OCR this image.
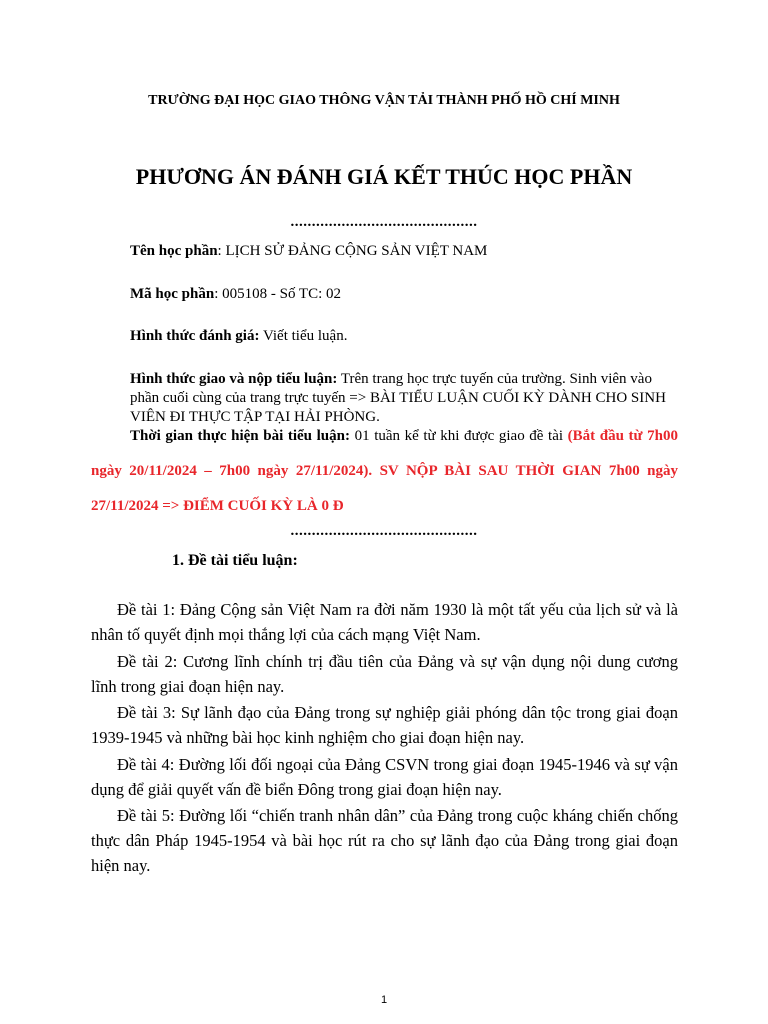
TRƯỜNG ĐẠI HỌC GIAO THÔNG VẬN TẢI THÀNH PHỐ HỒ CHÍ MINH
PHƯƠNG ÁN ĐÁNH GIÁ KẾT THÚC HỌC PHẦN
............................................
Tên học phần: LỊCH SỬ ĐẢNG CỘNG SẢN VIỆT NAM
Mã học phần: 005108 - Số TC: 02
Hình thức đánh giá: Viết tiểu luận.
Hình thức giao và nộp tiểu luận: Trên trang học trực tuyến của trường. Sinh viên vào phần cuối cùng của trang trực tuyến => BÀI TIỂU LUẬN CUỐI KỲ DÀNH CHO SINH VIÊN ĐI THỰC TẬP TẠI HẢI PHÒNG.
Thời gian thực hiện bài tiểu luận: 01 tuần kể từ khi được giao đề tài (Bắt đầu từ 7h00 ngày 20/11/2024 – 7h00 ngày 27/11/2024). SV NỘP BÀI SAU THỜI GIAN 7h00 ngày 27/11/2024 => ĐIỂM CUỐI KỲ LÀ 0 Đ
............................................
1. Đề tài tiểu luận:
Đề tài 1: Đảng Cộng sản Việt Nam ra đời năm 1930 là một tất yếu của lịch sử và là nhân tố quyết định mọi thắng lợi của cách mạng Việt Nam.
Đề tài 2: Cương lĩnh chính trị đầu tiên của Đảng và sự vận dụng nội dung cương lĩnh trong giai đoạn hiện nay.
Đề tài 3: Sự lãnh đạo của Đảng trong sự nghiệp giải phóng dân tộc trong giai đoạn 1939-1945 và những bài học kinh nghiệm cho giai đoạn hiện nay.
Đề tài 4: Đường lối đối ngoại của Đảng CSVN trong giai đoạn 1945-1946 và sự vận dụng để giải quyết vấn đề biển Đông trong giai đoạn hiện nay.
Đề tài 5: Đường lối “chiến tranh nhân dân” của Đảng trong cuộc kháng chiến chống thực dân Pháp 1945-1954 và bài học rút ra cho sự lãnh đạo của Đảng trong giai đoạn hiện nay.
1
